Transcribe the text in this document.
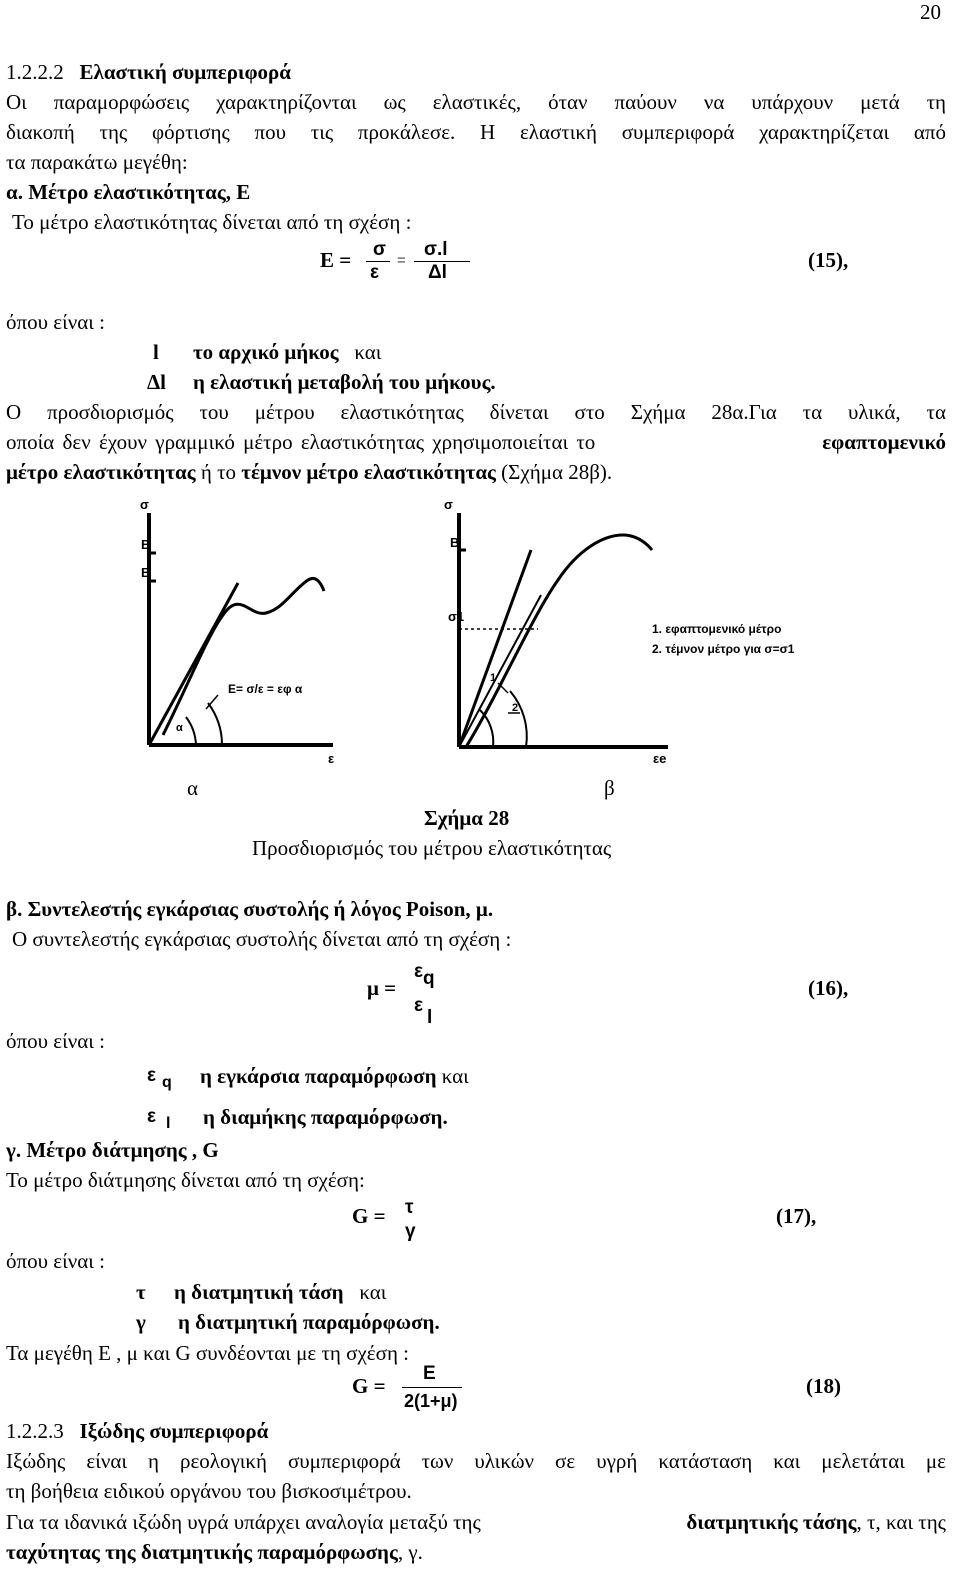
20
1.2.2.2 Ελαστική συμπεριφορά
Οι παραμορφώσεις χαρακτηρίζονται ως ελαστικές, όταν παύουν να υπάρχουν μετά τη
διακοπή της φόρτισης που τις προκάλεσε. Η ελαστική συμπεριφορά χαρακτηρίζεται από
τα παρακάτω μεγέθη:
α. Μέτρο ελαστικότητας, Ε
Το μέτρο ελαστικότητας δίνεται από τη σχέση :
E = σ
ε
=
σ.l
Δl
(15),
όπου είναι :
l το αρχικό μήκος και
Δl η ελαστική μεταβολή του μήκους.
Ο προσδιορισμός του μέτρου ελαστικότητας δίνεται στο Σχήμα 28α.Για τα υλικά, τα
οποία δεν έχουν γραμμικό μέτρο ελαστικότητας χρησιμοποιείται το	εφαπτομενικό
μέτρο ελαστικότητας ή το τέμνον μέτρο ελαστικότητας (Σχήμα 28β).
σ
B
B
ε
E= σ/ε = εφ α
α
σ
B
σ1
εe
1
2
1. εφαπτομενικό μέτρο
2. τέμνον μέτρο για σ=σ1
α	β
Σχήμα 28
Προσδιορισμός του μέτρου ελαστικότητας
β. Συντελεστής εγκάρσιας συστολής ή λόγος Poison, μ.
Ο συντελεστής εγκάρσιας συστολής δίνεται από τη σχέση :
μ =
εq
εl
(16),
όπου είναι :
ε $_q$ η εγκάρσια παραμόρφωση και
ε $_l$ η διαμήκης παραμόρφωση.
γ. Μέτρο διάτμησης , G
Το μέτρο διάτμησης δίνεται από τη σχέση:
G = τ
γ
(17),
όπου είναι :
τ η διατμητική τάση και
γ η διατμητική παραμόρφωση.
Τα μεγέθη E , μ και G συνδέονται με τη σχέση :
G =
E
2(1+μ)
(18)
1.2.2.3 Ιξώδης συμπεριφορά
Ιξώδης είναι η ρεολογική συμπεριφορά των υλικών σε υγρή κατάσταση και μελετάται με
τη βοήθεια ειδικού οργάνου του βισκοσιμέτρου.
Για τα ιδανικά ιξώδη υγρά υπάρχει αναλογία μεταξύ της	διατμητικής τάσης, τ, και της
ταχύτητας της διατμητικής παραμόρφωσης, γ.
